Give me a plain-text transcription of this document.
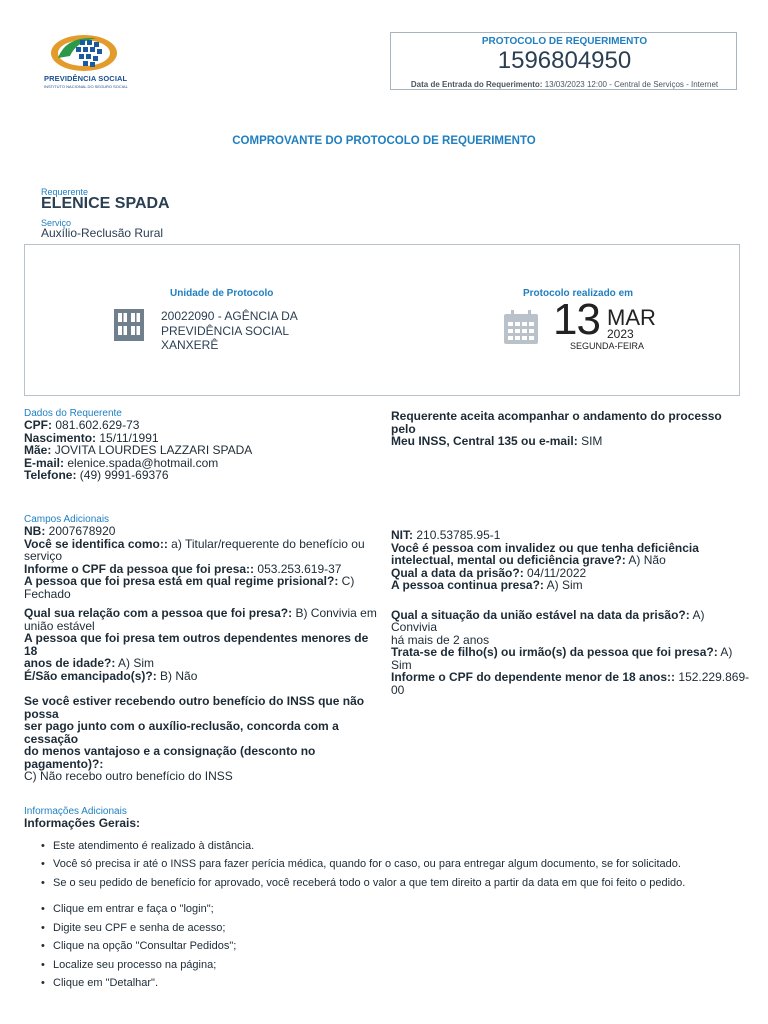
PREVIDÊNCIA SOCIAL
INSTITUTO NACIONAL DO SEGURO SOCIAL
PROTOCOLO DE REQUERIMENTO
1596804950
Data de Entrada do Requerimento: 13/03/2023 12:00 - Central de Serviços - Internet
COMPROVANTE DO PROTOCOLO DE REQUERIMENTO
Requerente
ELENICE SPADA
Serviço
Auxílio-Reclusão Rural
Unidade de Protocolo
20022090 - AGÊNCIA DA
PREVIDÊNCIA SOCIAL
XANXERÊ
Protocolo realizado em
13 MAR
2023
SEGUNDA-FEIRA
Dados do Requerente
CPF: 081.602.629-73
Nascimento: 15/11/1991
Mãe: JOVITA LOURDES LAZZARI SPADA
E-mail: elenice.spada@hotmail.com
Telefone: (49) 9991-69376
Requerente aceita acompanhar o andamento do processo pelo
Meu INSS, Central 135 ou e-mail: SIM
Campos Adicionais
NB: 2007678920
Você se identifica como:: a) Titular/requerente do benefício ou
serviço
Informe o CPF da pessoa que foi presa:: 053.253.619-37
A pessoa que foi presa está em qual regime prisional?: C)
Fechado
Qual sua relação com a pessoa que foi presa?: B) Convivia em
união estável
A pessoa que foi presa tem outros dependentes menores de 18
anos de idade?: A) Sim
É/São emancipado(s)?: B) Não
Se você estiver recebendo outro benefício do INSS que não possa
ser pago junto com o auxílio-reclusão, concorda com a cessação
do menos vantajoso e a consignação (desconto no pagamento)?:
C) Não recebo outro benefício do INSS
NIT: 210.53785.95-1
Você é pessoa com invalidez ou que tenha deficiência
intelectual, mental ou deficiência grave?: A) Não
Qual a data da prisão?: 04/11/2022
A pessoa continua presa?: A) Sim
Qual a situação da união estável na data da prisão?: A) Convivia
há mais de 2 anos
Trata-se de filho(s) ou irmão(s) da pessoa que foi presa?: A)
Sim
Informe o CPF do dependente menor de 18 anos:: 152.229.869-
00
Informações Adicionais
Informações Gerais:
• Este atendimento é realizado à distância.
• Você só precisa ir até o INSS para fazer perícia médica, quando for o caso, ou para entregar algum documento, se for solicitado.
• Se o seu pedido de benefício for aprovado, você receberá todo o valor a que tem direito a partir da data em que foi feito o pedido.
• Clique em entrar e faça o "login";
• Digite seu CPF e senha de acesso;
• Clique na opção "Consultar Pedidos";
• Localize seu processo na página;
• Clique em "Detalhar".
